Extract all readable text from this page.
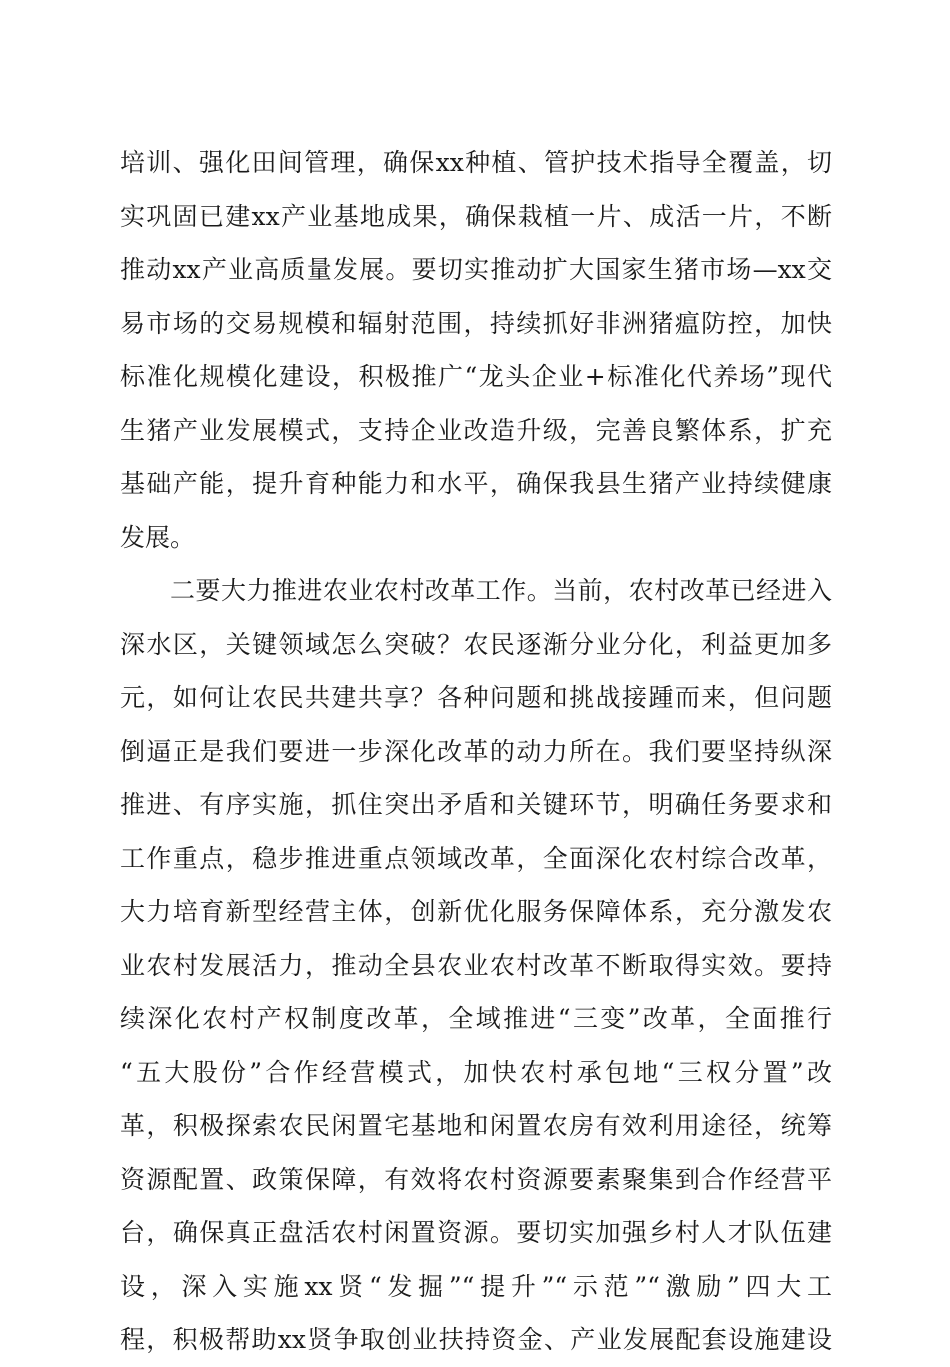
培训、强化田间管理，确保xx种植、管护技术指导全覆盖，切
实巩固已建xx产业基地成果，确保栽植一片、成活一片，不断
推动xx产业高质量发展。要切实推动扩大国家生猪市场—xx交
易市场的交易规模和辐射范围，持续抓好非洲猪瘟防控，加快
标准化规模化建设，积极推广“龙头企业+标准化代养场”现代
生猪产业发展模式，支持企业改造升级，完善良繁体系，扩充
基础产能，提升育种能力和水平，确保我县生猪产业持续健康
发展。
二要大力推进农业农村改革工作。当前，农村改革已经进入
深水区，关键领域怎么突破？农民逐渐分业分化，利益更加多
元，如何让农民共建共享？各种问题和挑战接踵而来，但问题
倒逼正是我们要进一步深化改革的动力所在。我们要坚持纵深
推进、有序实施，抓住突出矛盾和关键环节，明确任务要求和
工作重点，稳步推进重点领域改革，全面深化农村综合改革，
大力培育新型经营主体，创新优化服务保障体系，充分激发农
业农村发展活力，推动全县农业农村改革不断取得实效。要持
续深化农村产权制度改革，全域推进“三变”改革，全面推行
“五大股份”合作经营模式，加快农村承包地“三权分置”改
革，积极探索农民闲置宅基地和闲置农房有效利用途径，统筹
资源配置、政策保障，有效将农村资源要素聚集到合作经营平
台，确保真正盘活农村闲置资源。要切实加强乡村人才队伍建
设，深入实施xx贤“发掘”“提升”“示范”“激励”四大工
程，积极帮助xx贤争取创业扶持资金、产业发展配套设施建设
